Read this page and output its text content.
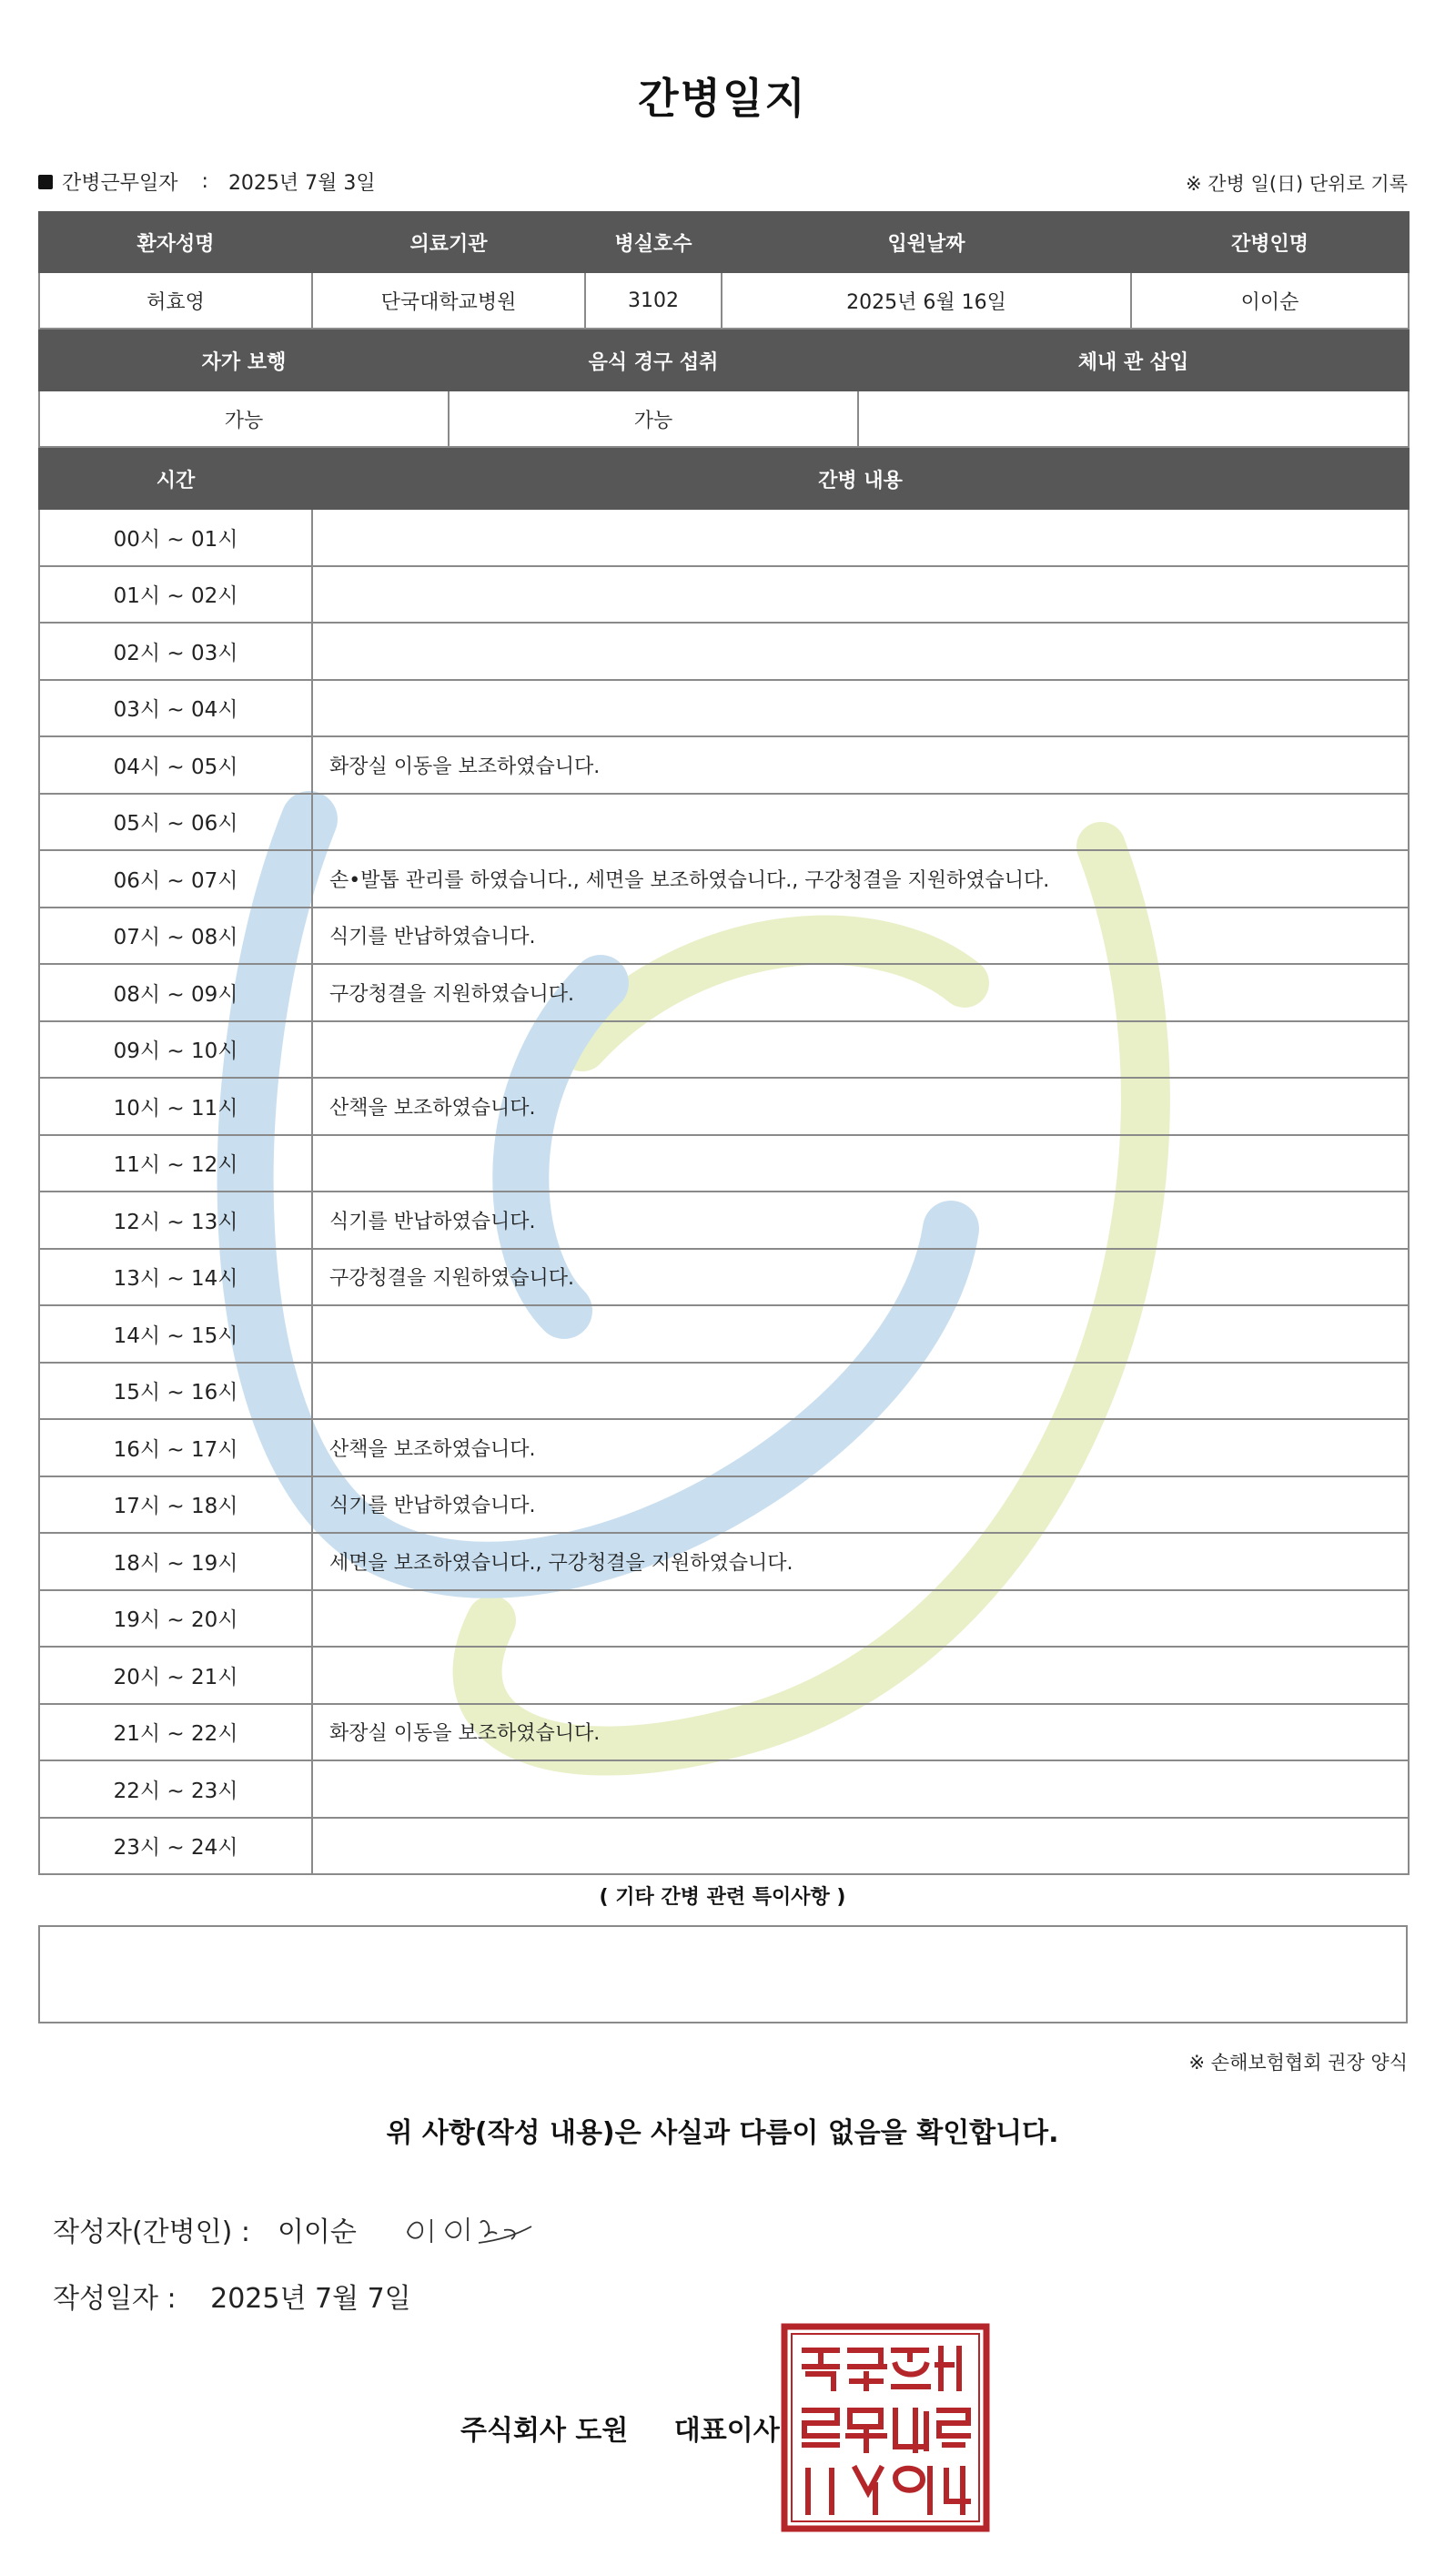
간병일지
간병근무일자 : 2025년 7월 3일	※ 간병 일(日) 단위로 기록
환자성명	의료기관	병실호수	입원날짜	간병인명
허효영	단국대학교병원	3102	2025년 6월 16일	이이순
자가 보행	음식 경구 섭취	체내 관 삽입
가능	가능	
시간	간병 내용
00시 ~ 01시	
01시 ~ 02시	
02시 ~ 03시	
03시 ~ 04시	
04시 ~ 05시	화장실 이동을 보조하였습니다.
05시 ~ 06시	
06시 ~ 07시	손•발톱 관리를 하였습니다., 세면을 보조하였습니다., 구강청결을 지원하였습니다.
07시 ~ 08시	식기를 반납하였습니다.
08시 ~ 09시	구강청결을 지원하였습니다.
09시 ~ 10시	
10시 ~ 11시	산책을 보조하였습니다.
11시 ~ 12시	
12시 ~ 13시	식기를 반납하였습니다.
13시 ~ 14시	구강청결을 지원하였습니다.
14시 ~ 15시	
15시 ~ 16시	
16시 ~ 17시	산책을 보조하였습니다.
17시 ~ 18시	식기를 반납하였습니다.
18시 ~ 19시	세면을 보조하였습니다., 구강청결을 지원하였습니다.
19시 ~ 20시	
20시 ~ 21시	
21시 ~ 22시	화장실 이동을 보조하였습니다.
22시 ~ 23시	
23시 ~ 24시	
( 기타 간병 관련 특이사항 )
※ 손해보험협회 권장 양식
위 사항(작성 내용)은 사실과 다름이 없음을 확인합니다.
작성자(간병인) : 이이순
작성일자 : 2025년 7월 7일
주식회사 도원 대표이사
